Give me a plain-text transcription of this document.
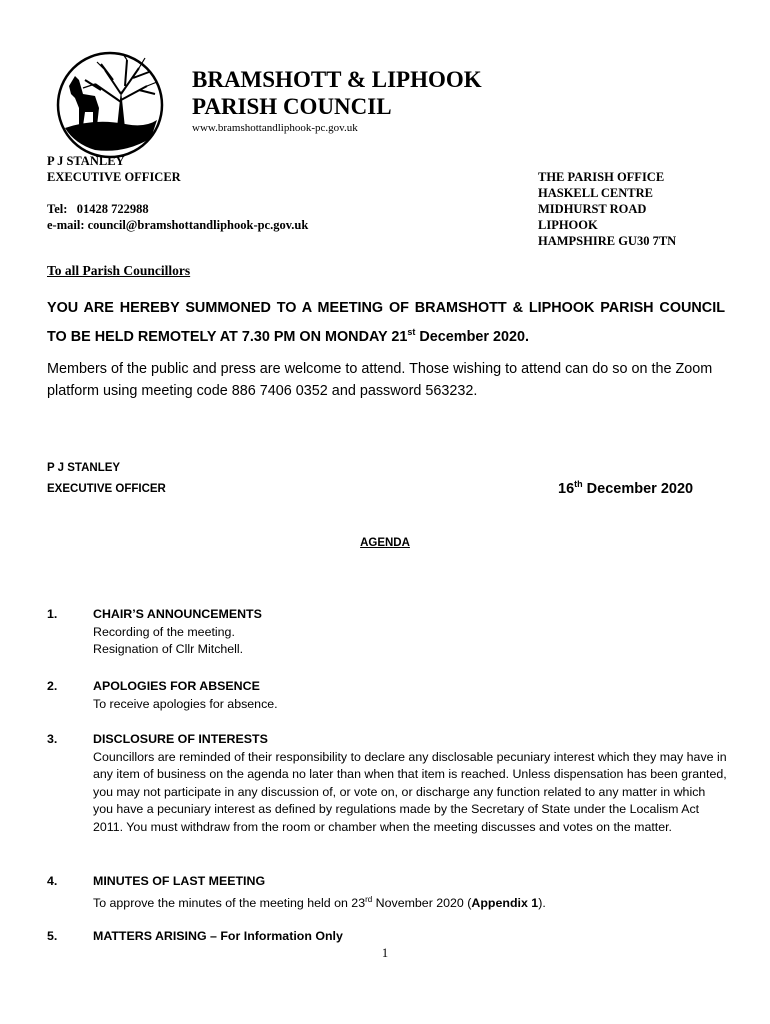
BRAMSHOTT & LIPHOOK
PARISH COUNCIL
www.bramshottandliphook-pc.gov.uk
P J STANLEY
EXECUTIVE OFFICER
Tel:   01428 722988
e-mail: council@bramshottandliphook-pc.gov.uk
THE PARISH OFFICE
HASKELL CENTRE
MIDHURST ROAD
LIPHOOK
HAMPSHIRE GU30 7TN
To all Parish Councillors
YOU ARE HEREBY SUMMONED TO A MEETING OF BRAMSHOTT & LIPHOOK PARISH COUNCIL TO BE HELD REMOTELY AT 7.30 PM ON MONDAY 21st December 2020.
Members of the public and press are welcome to attend. Those wishing to attend can do so on the Zoom platform using meeting code 886 7406 0352 and password 563232.
P J STANLEY
EXECUTIVE OFFICER	16th December 2020
AGENDA
1.	CHAIR’S ANNOUNCEMENTS
Recording of the meeting.
Resignation of Cllr Mitchell.
2.	APOLOGIES FOR ABSENCE
To receive apologies for absence.
3.	DISCLOSURE OF INTERESTS
Councillors are reminded of their responsibility to declare any disclosable pecuniary interest which they may have in any item of business on the agenda no later than when that item is reached. Unless dispensation has been granted, you may not participate in any discussion of, or vote on, or discharge any function related to any matter in which you have a pecuniary interest as defined by regulations made by the Secretary of State under the Localism Act 2011. You must withdraw from the room or chamber when the meeting discusses and votes on the matter.
4.	MINUTES OF LAST MEETING
To approve the minutes of the meeting held on 23rd November 2020 (Appendix 1).
5.	MATTERS ARISING – For Information Only
1
